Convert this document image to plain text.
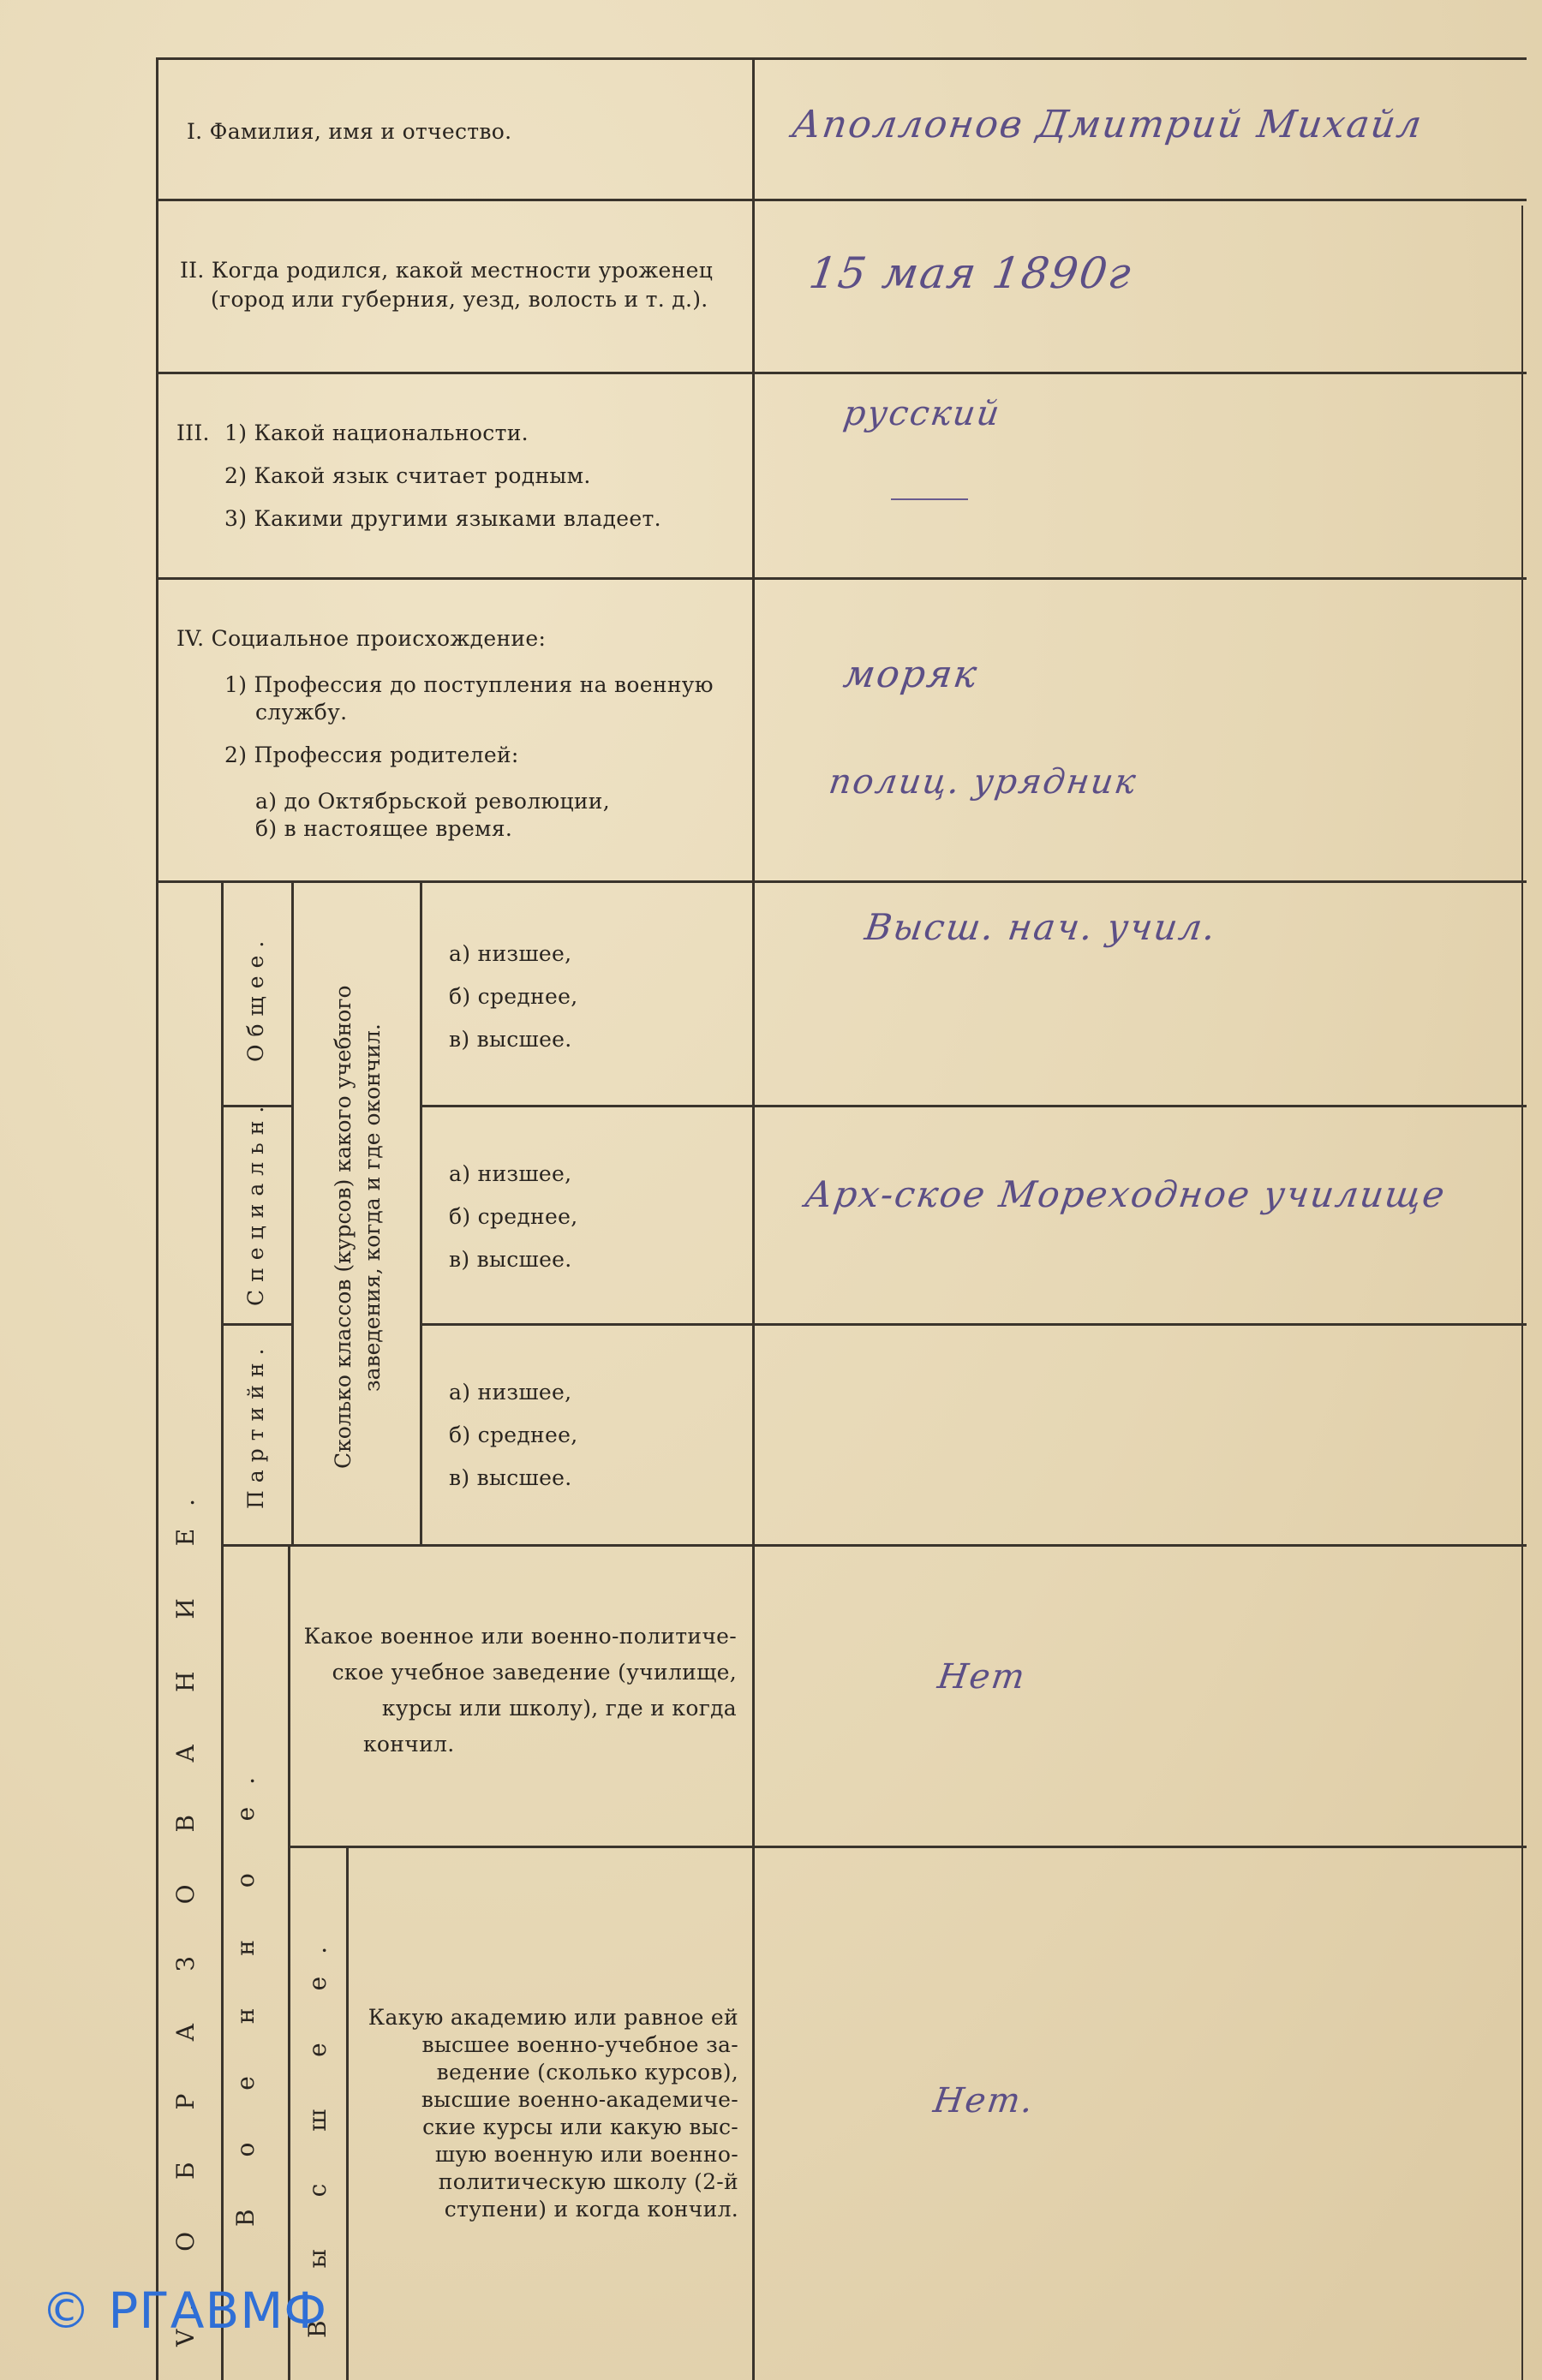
I. Фамилия, имя и отчество.	Аполлонов Дмитрий Михайл
II. Когда родился, какой местности уроженец
(город или губерния, уезд, волость и т. д.).
15 мая 1890г
III. 1) Какой национальности.
2) Какой язык считает родным.
3) Какими другими языками владеет.
русский
IV. Социальное происхождение:
1) Профессия до поступления на военную
службу.
2) Профессия родителей:
а) до Октябрьской революции,
б) в настоящее время.
моряк
полиц. урядник
V. О Б Р А З О В А Н И Е.
Общее.
Специальн.
Партийн.	Сколько классов (курсов) какого учебного заведения, когда и где окончил.
В о е н н о е. В ы с ш е е.
а) низшее,
б) среднее,
в) высшее.
а) низшее,
б) среднее,
в) высшее.
а) низшее,
б) среднее,
в) высшее.
Высш. нач. учил.
Арх-ское Мореходное училище
Какое военное или военно-политиче-
ское учебное заведение (училище,
курсы или школу), где и когда
кончил.
Нет
Какую академию или равное ей
высшее военно-учебное за-
ведение (сколько курсов),
высшие военно-академиче-
ские курсы или какую выс-
шую военную или военно-
политическую школу (2-й
ступени) и когда кончил.
Нет.
© РГАВМФ
